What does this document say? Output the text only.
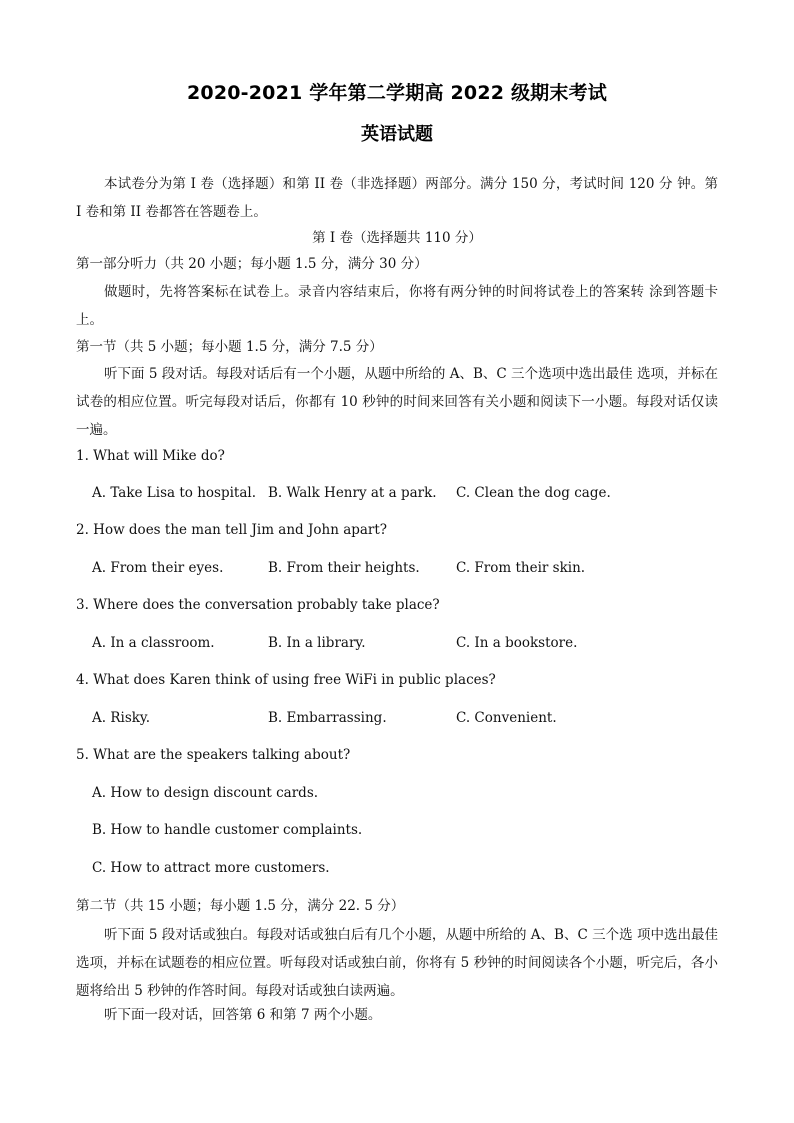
2020-2021 学年第二学期高 2022 级期末考试
英语试题
本试卷分为第 I 卷（选择题）和第 II 卷（非选择题）两部分。满分 150 分，考试时间 120 分 钟。第 I 卷和第 II 卷都答在答题卷上。
第 I 卷（选择题共 110 分）
第一部分听力（共 20 小题；每小题 1.5 分，满分 30 分）
做题时，先将答案标在试卷上。录音内容结束后，你将有两分钟的时间将试卷上的答案转 涂到答题卡上。
第一节（共 5 小题；每小题 1.5 分，满分 7.5 分）
听下面 5 段对话。每段对话后有一个小题，从题中所给的 A、B、C 三个选项中选出最佳 选项，并标在试卷的相应位置。听完每段对话后，你都有 10 秒钟的时间来回答有关小题和阅读下一小题。每段对话仅读一遍。
1. What will Mike do?
A. Take Lisa to hospital. B. Walk Henry at a park. C. Clean the dog cage.
2. How does the man tell Jim and John apart?
A. From their eyes.	B. From their heights.	C. From their skin.
3. Where does the conversation probably take place?
A. In a classroom.	B. In a library.	C. In a bookstore.
4. What does Karen think of using free WiFi in public places?
A. Risky.	B. Embarrassing.	C. Convenient.
5. What are the speakers talking about?
A. How to design discount cards.
B. How to handle customer complaints.
C. How to attract more customers.
第二节（共 15 小题；每小题 1.5 分，满分 22. 5 分）
听下面 5 段对话或独白。每段对话或独白后有几个小题，从题中所给的 A、B、C 三个选 项中选出最佳选项，并标在试题卷的相应位置。听每段对话或独白前，你将有 5 秒钟的时间阅读各个小题，听完后，各小题将给出 5 秒钟的作答时间。每段对话或独白读两遍。
听下面一段对话，回答第 6 和第 7 两个小题。
